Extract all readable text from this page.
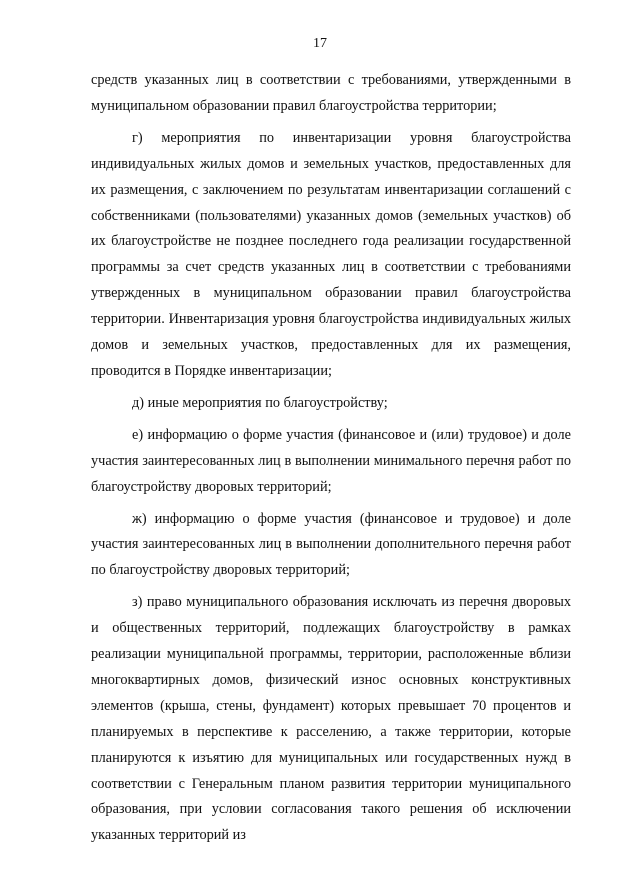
17

средств указанных лиц в соответствии с требованиями, утвержденными в муниципальном образовании правил благоустройства территории;

г) мероприятия по инвентаризации уровня благоустройства индивидуальных жилых домов и земельных участков, предоставленных для их размещения, с заключением по результатам инвентаризации соглашений с собственниками (пользователями) указанных домов (земельных участков) об их благоустройстве не позднее последнего года реализации государственной программы за счет средств указанных лиц в соответствии с требованиями утвержденных в муниципальном образовании правил благоустройства территории. Инвентаризация уровня благоустройства индивидуальных жилых домов и земельных участков, предоставленных для их размещения, проводится в Порядке инвентаризации;

д) иные мероприятия по благоустройству;

е) информацию о форме участия (финансовое и (или) трудовое) и доле участия заинтересованных лиц в выполнении минимального перечня работ по благоустройству дворовых территорий;

ж) информацию о форме участия (финансовое и трудовое) и доле участия заинтересованных лиц в выполнении дополнительного перечня работ по благоустройству дворовых территорий;

з) право муниципального образования исключать из перечня дворовых и общественных территорий, подлежащих благоустройству в рамках реализации муниципальной программы, территории, расположенные вблизи многоквартирных домов, физический износ основных конструктивных элементов (крыша, стены, фундамент) которых превышает 70 процентов и планируемых в перспективе к расселению, а также территории, которые планируются к изъятию для муниципальных или государственных нужд в соответствии с Генеральным планом развития территории муниципального образования, при условии согласования такого решения об исключении указанных территорий из
